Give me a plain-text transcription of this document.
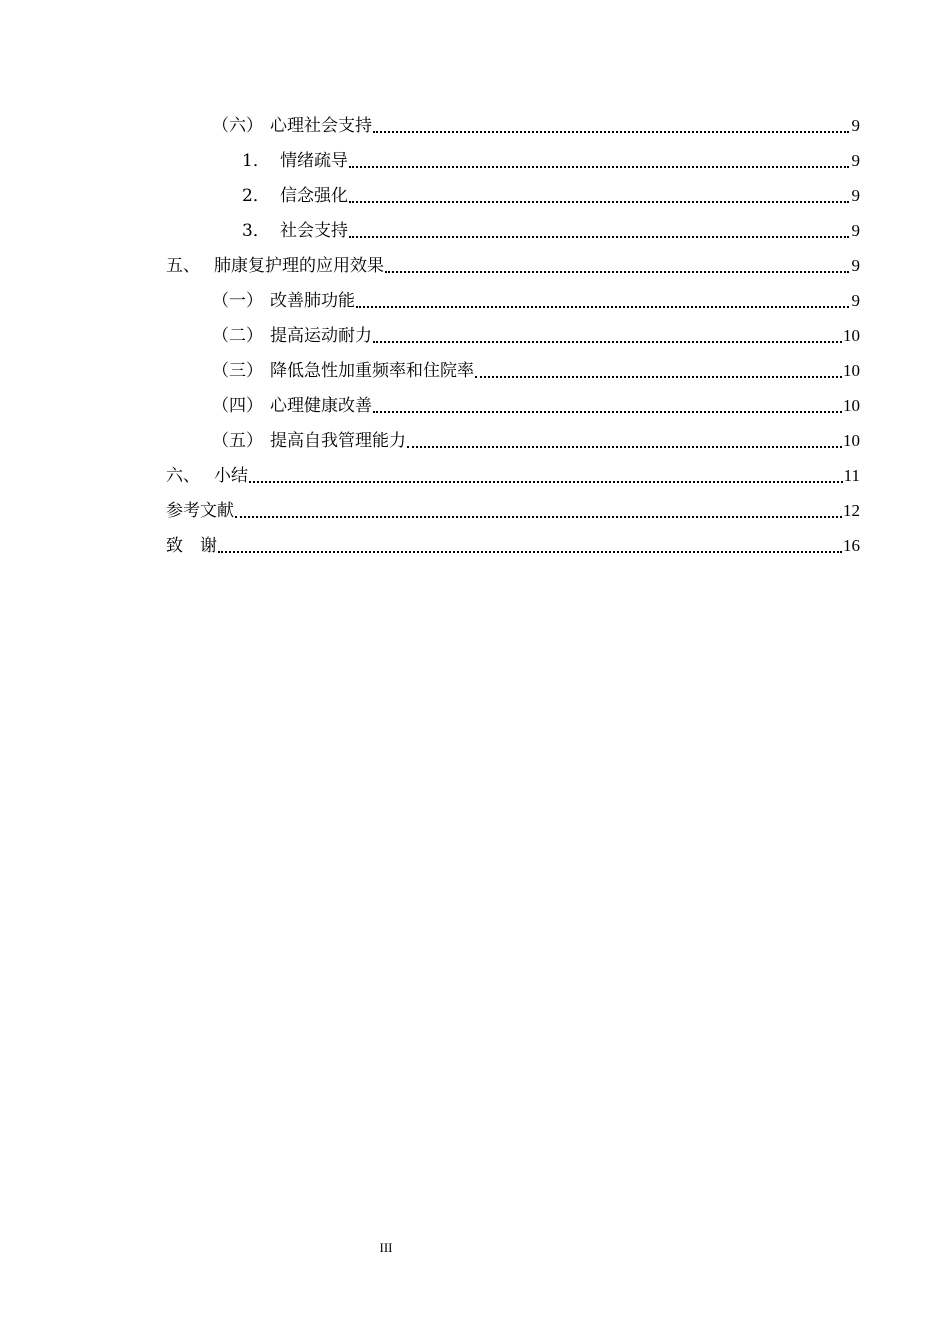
（六） 心理社会支持	9
1． 情绪疏导	9
2． 信念强化	9
3． 社会支持	9
五、 肺康复护理的应用效果	9
（一） 改善肺功能	9
（二） 提高运动耐力	10
（三） 降低急性加重频率和住院率	10
（四） 心理健康改善	10
（五） 提高自我管理能力	10
六、 小结	11
参考文献	12
致　谢	16
III
